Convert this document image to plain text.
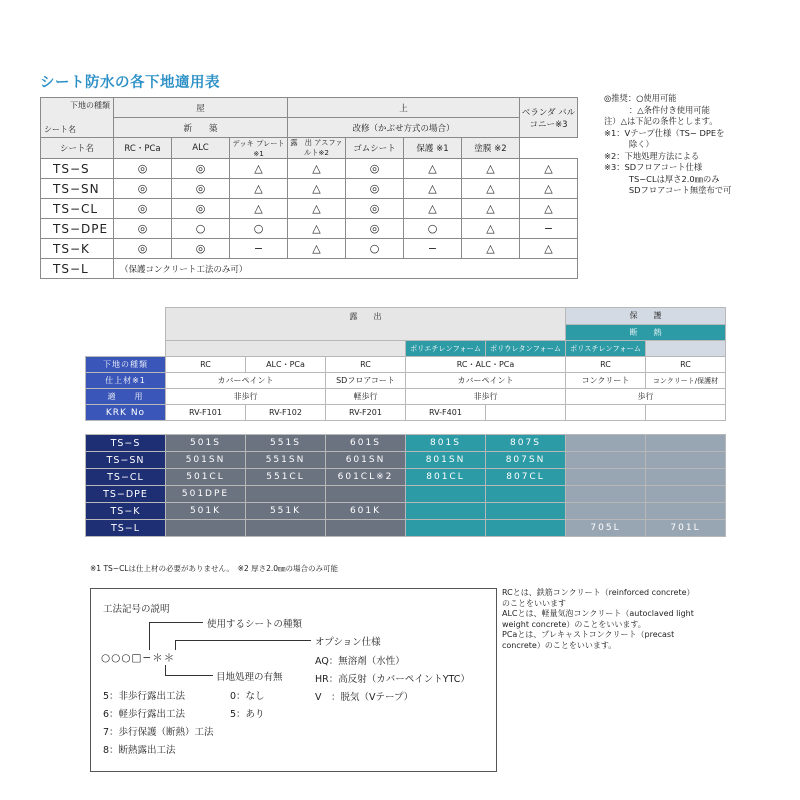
シート防水の各下地適用表
下地の種類
シート名	屋			上				ベランダ バルコニー※3
	新　　築			改修（かぶせ方式の場合）				
シート名	RC・PCa	ALC	デッキ プレート※1	露　出 アスファルト※2	ゴムシート	保護 ※1	塗膜 ※2	
TS−S	◎	◎	△	△	◎	△	△	△
TS−SN	◎	◎	△	△	◎	△	△	△
TS−CL	◎	◎	△	△	◎	△	△	△
TS−DPE	◎	○	○	△	◎	○	△	−
TS−K	◎	◎	−	△	○	−	△	△
TS−L	（保護コンクリート工法のみ可）							
◎推奨：○使用可能
　　　：△条件付き使用可能
注）△は下記の条件とします。
※1：Vテープ仕様（TS− DPEを
　　　除く）
※2：下地処理方法による
※3：SDフロアコート仕様
　　　TS−CLは厚さ2.0㎜のみ
　　　SDフロアコート無塗布で可
	露　　出					保　　護	
						断　　熱	
				ポリエチレンフォーム	ポリウレタンフォーム	ポリスチレンフォーム	
下地の種類	RC	ALC・PCa	RC	RC・ALC・PCa		RC	RC
仕上材※1	カバーペイント		SDフロアコート	カバーペイント		コンクリート	コンクリート/保護材
適　　用	非歩行		軽歩行	非歩行		歩行	
KRK No	RV-F101	RV-F102	RV-F201	RV-F401			

TS−S	501S	551S	601S	801S	807S		
TS−SN	501SN	551SN	601SN	801SN	807SN		
TS−CL	501CL	551CL	601CL※2	801CL	807CL		
TS−DPE	501DPE						
TS−K	501K	551K	601K				
TS−L						705L	701L
※1 TS−CLは仕上材の必要がありません。　※2 厚さ2.0㎜の場合のみ可能
工法記号の説明
使用するシートの種類
オプション仕様
○○○□−＊＊
目地処理の有無
AQ：無溶剤（水性）
HR：高反射（カバーペイントYTC）
V　：脱気（Vテープ）
5：非歩行露出工法
6：軽歩行露出工法
7：歩行保護（断熱）工法
8：断熱露出工法
0：なし
5：あり
RCとは、鉄筋コンクリート（reinforced concrete）
のことをいいます
ALCとは、軽量気泡コンクリート（autoclaved light
weight concrete）のことをいいます。
PCaとは、プレキャストコンクリート（precast
concrete）のことをいいます。
